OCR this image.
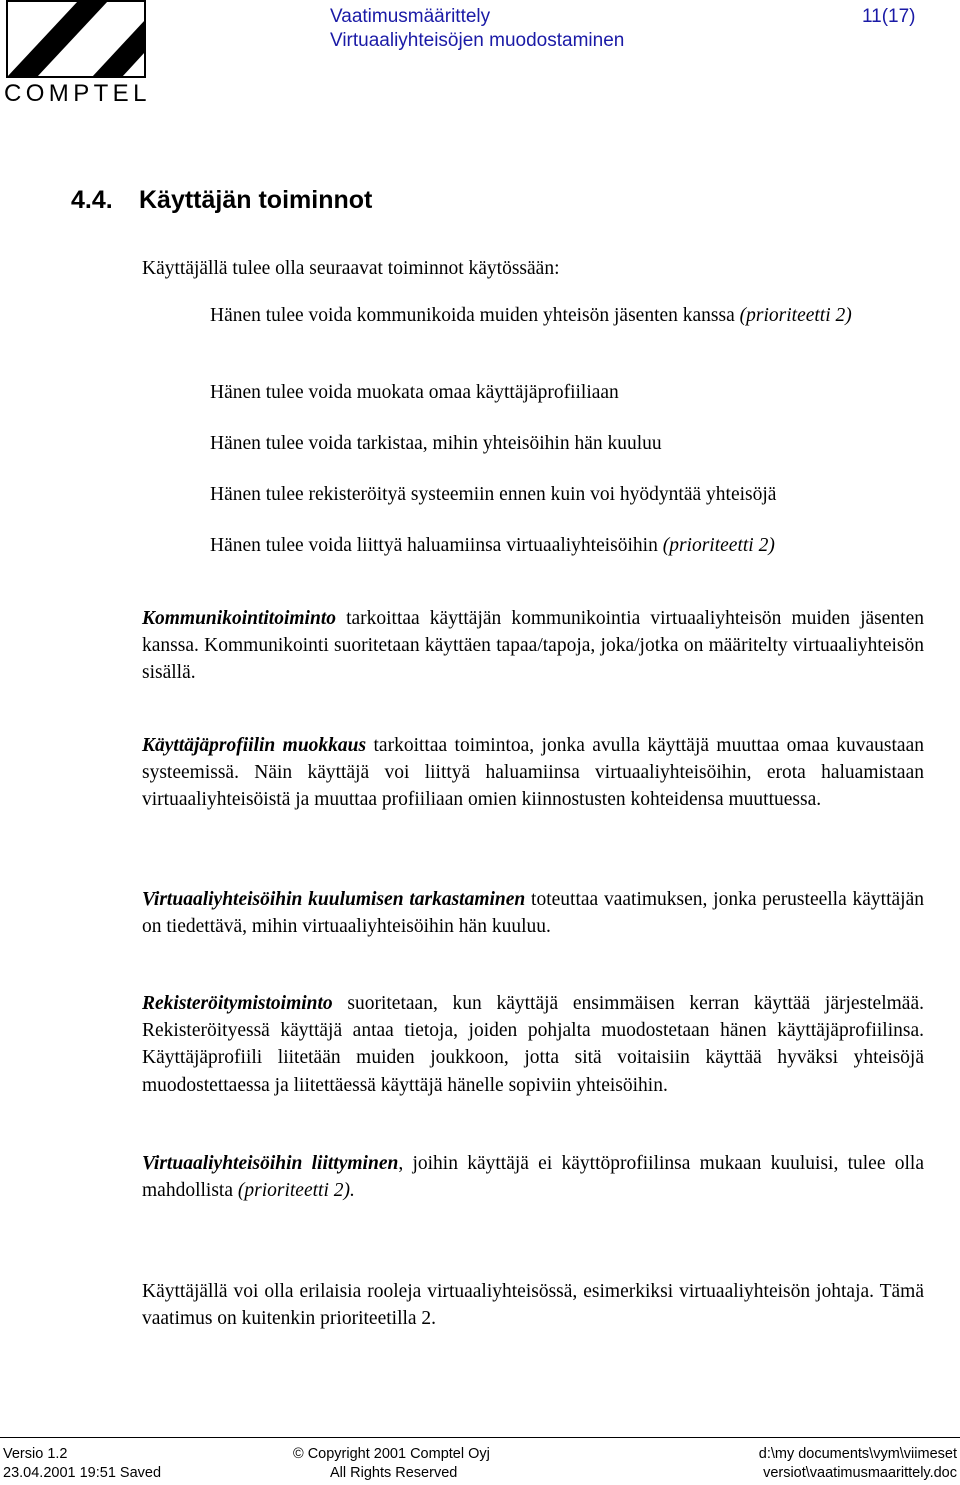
COMPTEL
Vaatimusmäärittely
Virtuaaliyhteisöjen muodostaminen
11(17)
4.4. Käyttäjän toiminnot
Käyttäjällä tulee olla seuraavat toiminnot käytössään:
Hänen tulee voida kommunikoida muiden yhteisön jäsenten kanssa (prioriteetti 2)
Hänen tulee voida muokata omaa käyttäjäprofiiliaan
Hänen tulee voida tarkistaa, mihin yhteisöihin hän kuuluu
Hänen tulee rekisteröityä systeemiin ennen kuin voi hyödyntää yhteisöjä
Hänen tulee voida liittyä haluamiinsa virtuaaliyhteisöihin (prioriteetti 2)
Kommunikointitoiminto tarkoittaa käyttäjän kommunikointia virtuaaliyhteisön muiden jäsenten kanssa. Kommunikointi suoritetaan käyttäen tapaa/tapoja, joka/jotka on määritelty virtuaaliyhteisön sisällä.
Käyttäjäprofiilin muokkaus tarkoittaa toimintoa, jonka avulla käyttäjä muuttaa omaa kuvaustaan systeemissä. Näin käyttäjä voi liittyä haluamiinsa virtuaaliyhteisöihin, erota haluamistaan virtuaaliyhteisöistä ja muuttaa profiiliaan omien kiinnostusten kohteidensa muuttuessa.
Virtuaaliyhteisöihin kuulumisen tarkastaminen toteuttaa vaatimuksen, jonka perusteella käyttäjän on tiedettävä, mihin virtuaaliyhteisöihin hän kuuluu.
Rekisteröitymistoiminto suoritetaan, kun käyttäjä ensimmäisen kerran käyttää järjestelmää. Rekisteröityessä käyttäjä antaa tietoja, joiden pohjalta muodostetaan hänen käyttäjäprofiilinsa. Käyttäjäprofiili liitetään muiden joukkoon, jotta sitä voitaisiin käyttää hyväksi yhteisöjä muodostettaessa ja liitettäessä käyttäjä hänelle sopiviin yhteisöihin.
Virtuaaliyhteisöihin liittyminen, joihin käyttäjä ei käyttöprofiilinsa mukaan kuuluisi, tulee olla mahdollista (prioriteetti 2).
Käyttäjällä voi olla erilaisia rooleja virtuaaliyhteisössä, esimerkiksi virtuaaliyhteisön johtaja. Tämä vaatimus on kuitenkin prioriteetilla 2.
Versio 1.2
23.04.2001 19:51 Saved
© Copyright 2001 Comptel Oyj
All Rights Reserved
d:\my documents\vym\viimeset
versiot\vaatimusmaarittely.doc
